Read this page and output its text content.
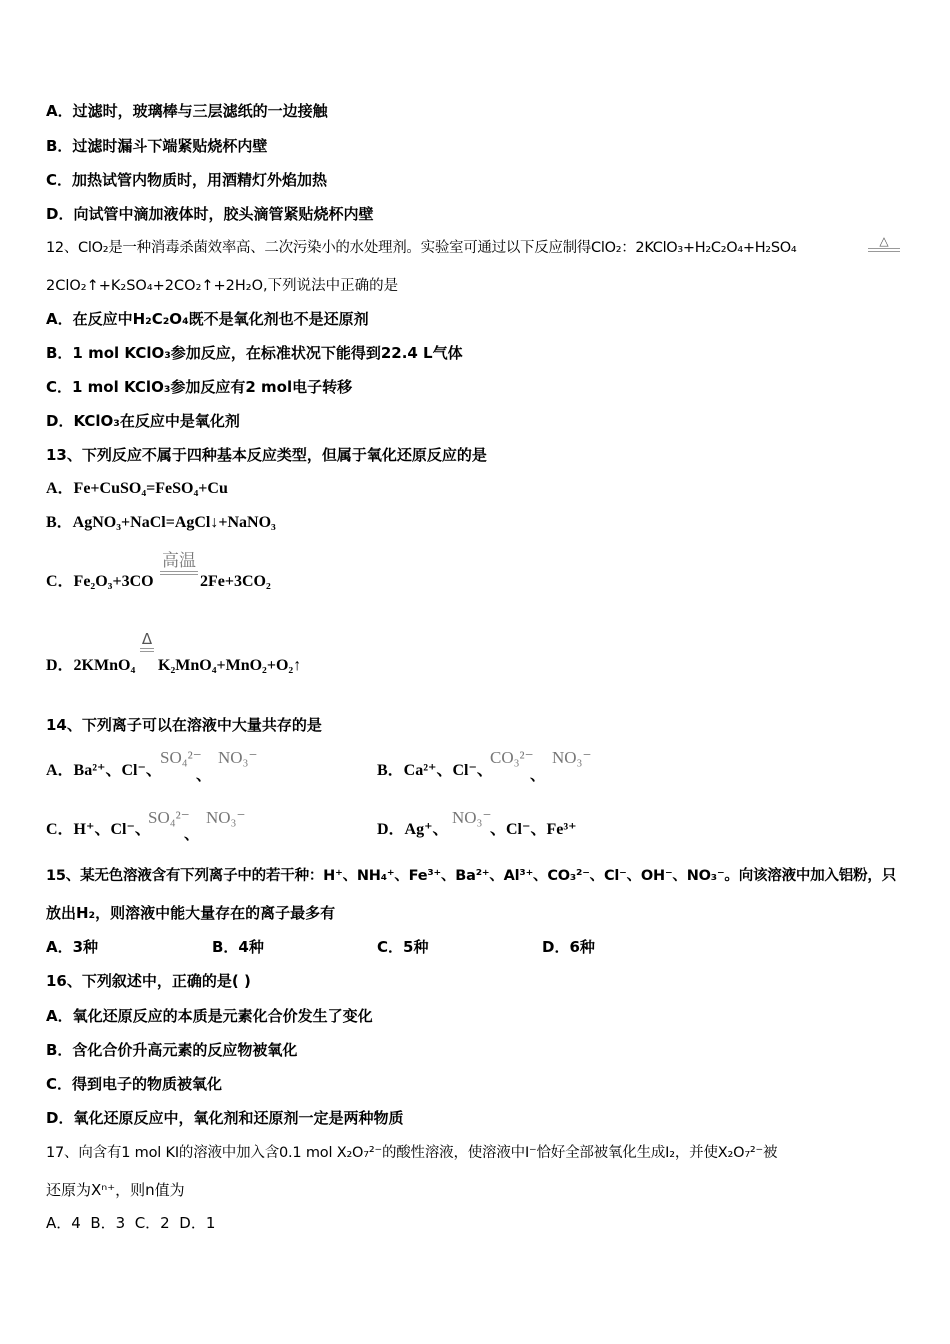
A．过滤时，玻璃棒与三层滤纸的一边接触
B．过滤时漏斗下端紧贴烧杯内壁
C．加热试管内物质时，用酒精灯外焰加热
D．向试管中滴加液体时，胶头滴管紧贴烧杯内壁
12、ClO₂是一种消毒杀菌效率高、二次污染小的水处理剂。实验室可通过以下反应制得ClO₂：2KClO₃+H₂C₂O₄+H₂SO₄	△
2ClO₂↑+K₂SO₄+2CO₂↑+2H₂O,下列说法中正确的是
A．在反应中H₂C₂O₄既不是氧化剂也不是还原剂
B．1 mol KClO₃参加反应，在标准状况下能得到22.4 L气体
C．1 mol KClO₃参加反应有2 mol电子转移
D．KClO₃在反应中是氧化剂
13、下列反应不属于四种基本反应类型，但属于氧化还原反应的是
A．Fe+CuSO₄=FeSO₄+Cu
B．AgNO₃+NaCl=AgCl↓+NaNO₃
C．Fe₂O₃+3CO
高温
2Fe+3CO₂
D．2KMnO₄
Δ
K₂MnO₄+MnO₂+O₂↑
14、下列离子可以在溶液中大量共存的是
A．Ba²⁺、Cl⁻、
SO₄²⁻
、
NO₃⁻
B．Ca²⁺、Cl⁻、
CO₃²⁻
、
NO₃⁻
C．H⁺、Cl⁻、
SO₄²⁻
、
NO₃⁻
D．Ag⁺、
NO₃⁻
、Cl⁻、Fe³⁺
15、某无色溶液含有下列离子中的若干种：H⁺、NH₄⁺、Fe³⁺、Ba²⁺、Al³⁺、CO₃²⁻、Cl⁻、OH⁻、NO₃⁻。向该溶液中加入铝粉，只
放出H₂，则溶液中能大量存在的离子最多有
A．3种	B．4种	C．5种	D．6种
16、下列叙述中，正确的是( )
A．氧化还原反应的本质是元素化合价发生了变化
B．含化合价升高元素的反应物被氧化
C．得到电子的物质被氧化
D．氧化还原反应中，氧化剂和还原剂一定是两种物质
17、向含有1 mol KI的溶液中加入含0.1 mol X₂O₇²⁻的酸性溶液，使溶液中I⁻恰好全部被氧化生成I₂，并使X₂O₇²⁻被
还原为Xⁿ⁺，则n值为
A．4  B．3  C．2  D．1
